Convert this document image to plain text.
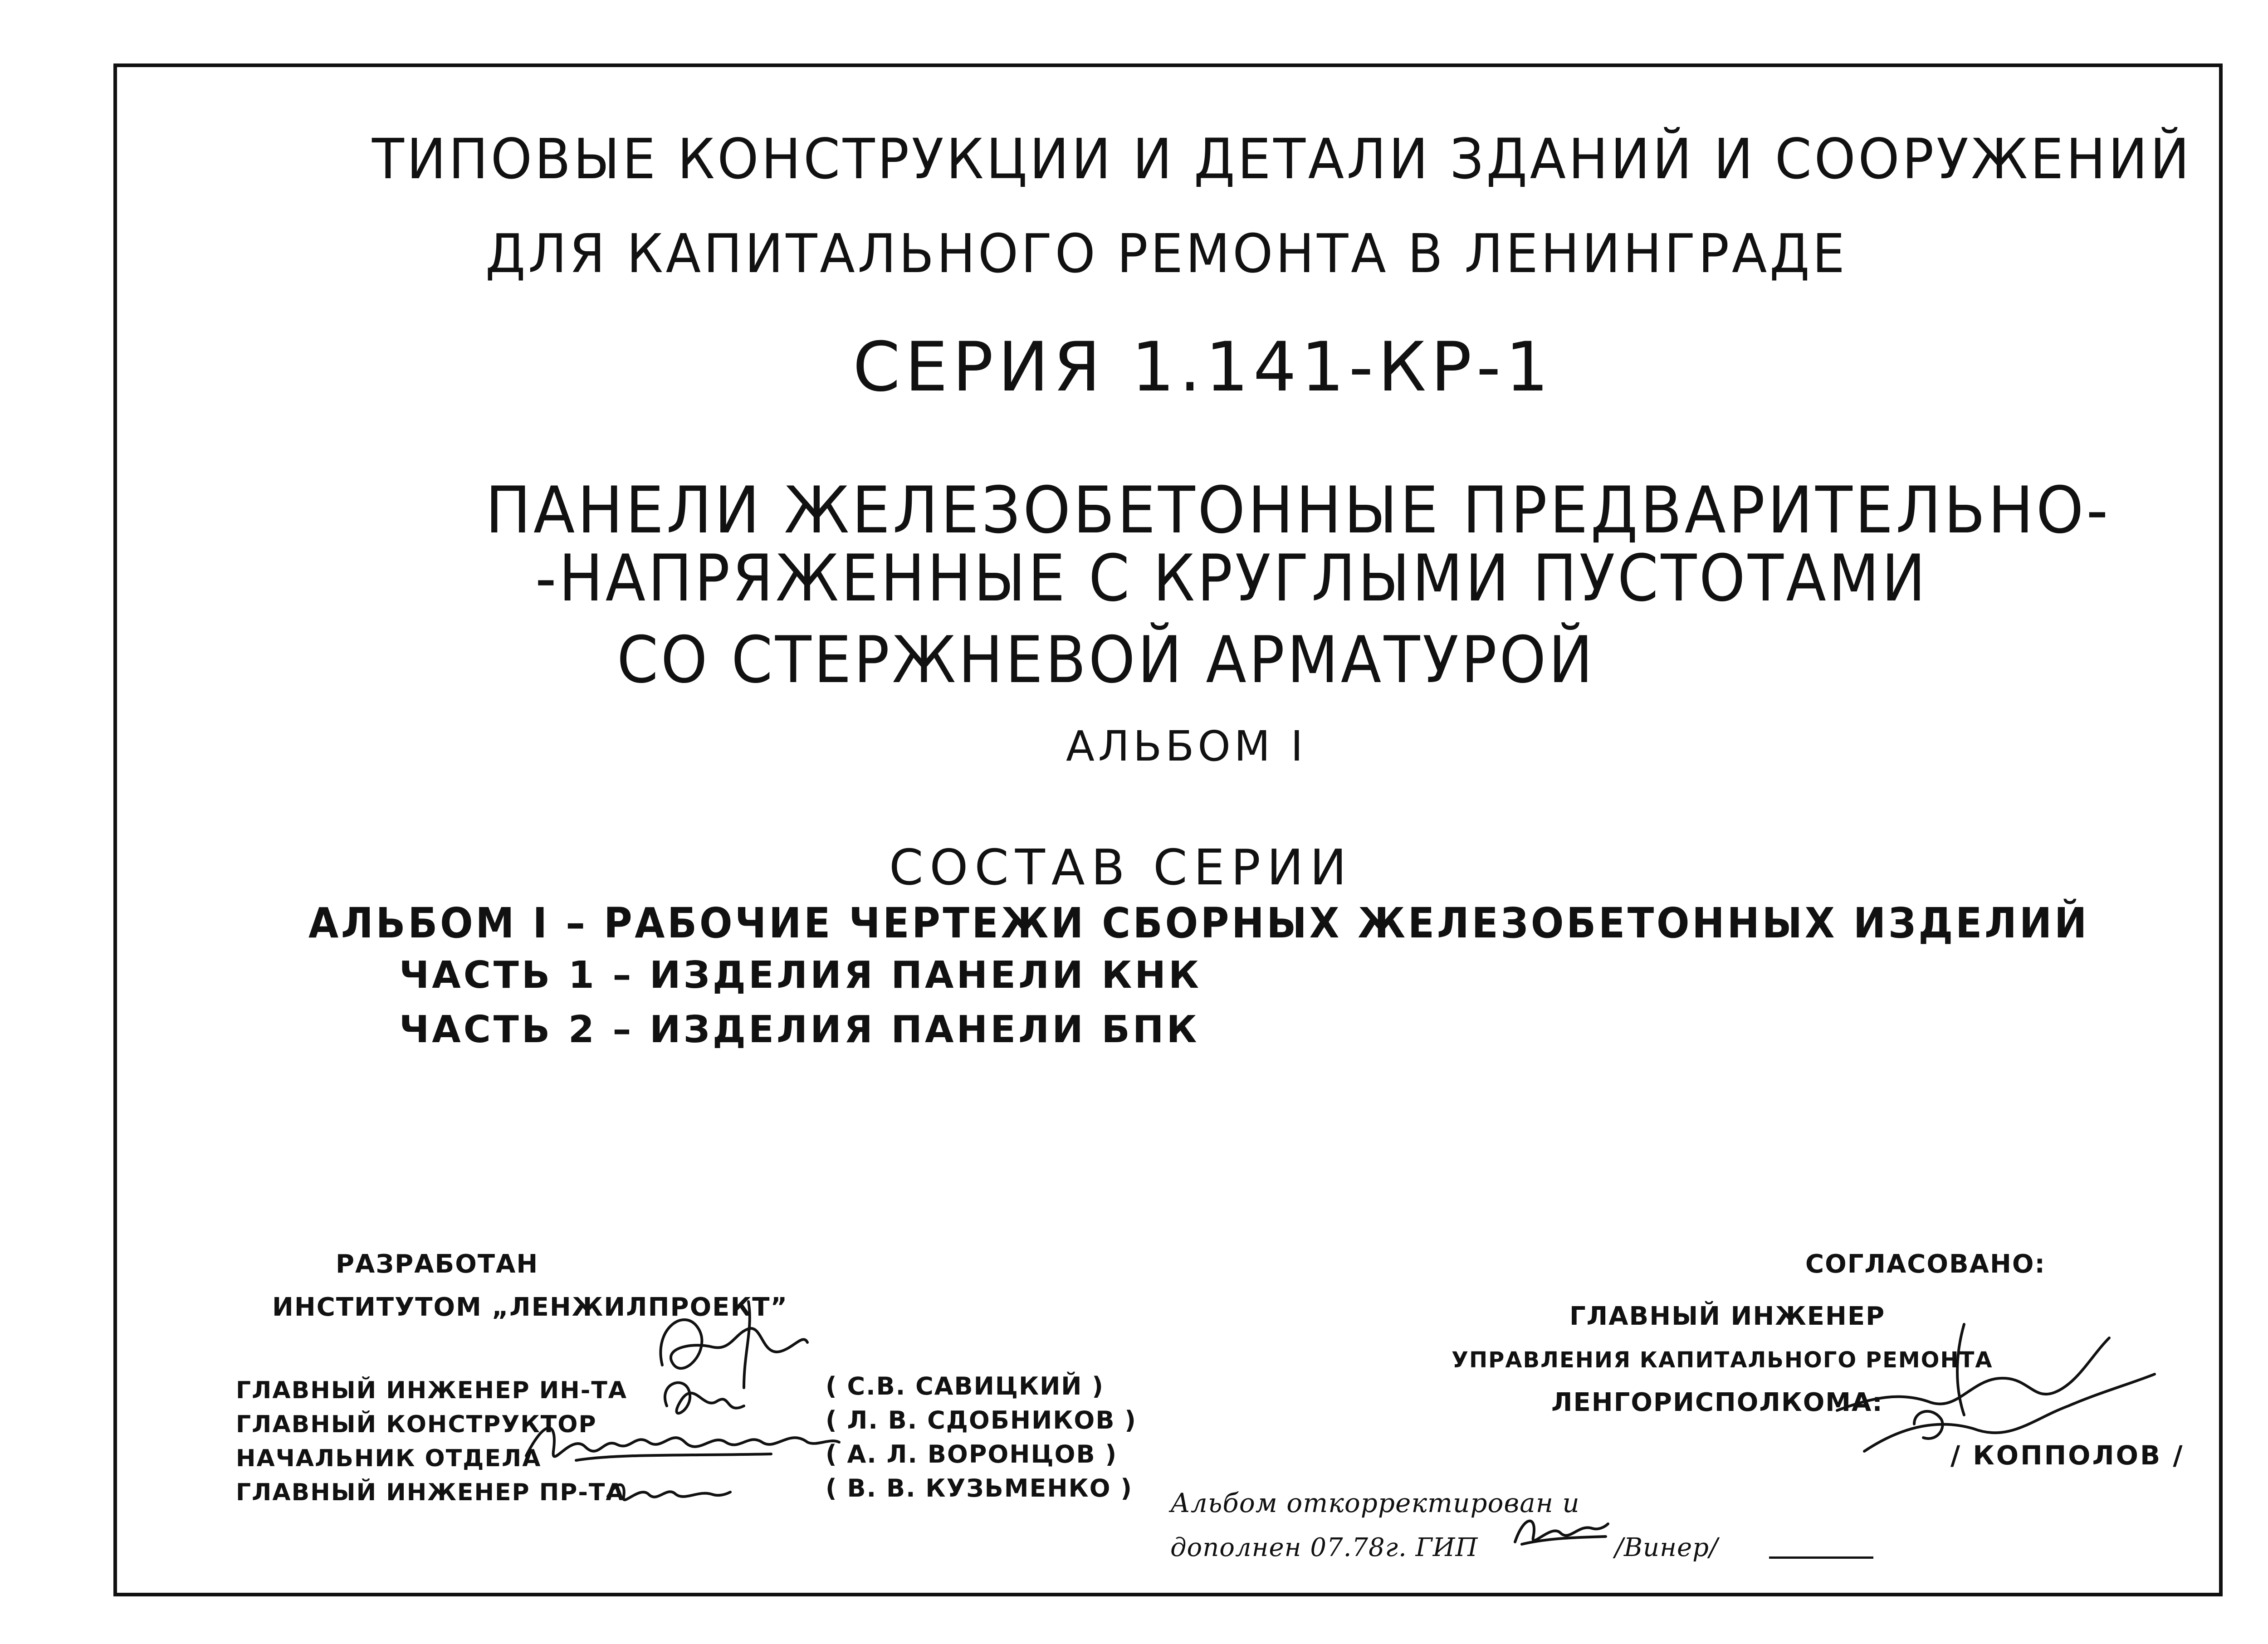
ТИПОВЫЕ КОНСТРУКЦИИ И ДЕТАЛИ ЗДАНИЙ И СООРУЖЕНИЙ
ДЛЯ КАПИТАЛЬНОГО РЕМОНТА В ЛЕНИНГРАДЕ
СЕРИЯ 1.141-КР-1
ПАНЕЛИ ЖЕЛЕЗОБЕТОННЫЕ ПРЕДВАРИТЕЛЬНО-
-НАПРЯЖЕННЫЕ С КРУГЛЫМИ ПУСТОТАМИ
СО СТЕРЖНЕВОЙ АРМАТУРОЙ
АЛЬБОМ I
СОСТАВ СЕРИИ
АЛЬБОМ I – РАБОЧИЕ ЧЕРТЕЖИ СБОРНЫХ ЖЕЛЕЗОБЕТОННЫХ ИЗДЕЛИЙ
ЧАСТЬ 1 – ИЗДЕЛИЯ ПАНЕЛИ КНК
ЧАСТЬ 2 – ИЗДЕЛИЯ ПАНЕЛИ БПК
РАЗРАБОТАН
ИНСТИТУТОМ „ЛЕНЖИЛПРОЕКТ”
ГЛАВНЫЙ ИНЖЕНЕР ИН-ТА
ГЛАВНЫЙ КОНСТРУКТОР
НАЧАЛЬНИК ОТДЕЛА
ГЛАВНЫЙ ИНЖЕНЕР ПР-ТА
( С.В. САВИЦКИЙ )
( Л. В. СДОБНИКОВ )
( А. Л. ВОРОНЦОВ )
( В. В. КУЗЬМЕНКО )
СОГЛАСОВАНО:
ГЛАВНЫЙ ИНЖЕНЕР
УПРАВЛЕНИЯ КАПИТАЛЬНОГО РЕМОНТА
ЛЕНГОРИСПОЛКОМА:
/ КОППОЛОВ /
Альбом откорректирован и
дополнен 07.78г. ГИП	/Винер/
